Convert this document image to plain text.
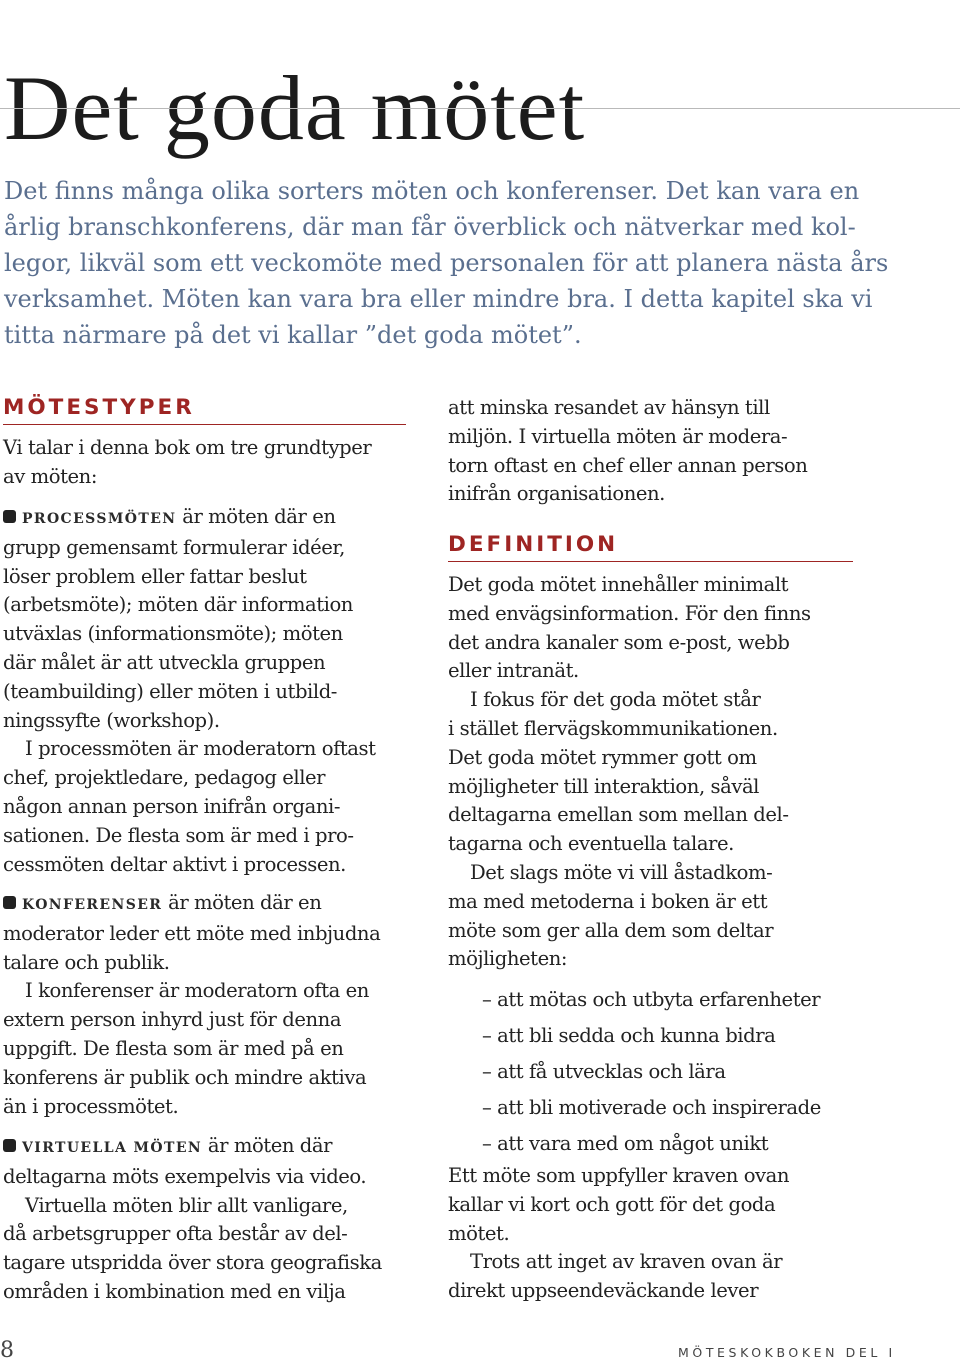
Det goda mötet

Det finns många olika sorters möten och konferenser. Det kan vara en
årlig branschkonferens, där man får överblick och nätverkar med kol-
legor, likväl som ett veckomöte med personalen för att planera nästa års
verksamhet. Möten kan vara bra eller mindre bra. I detta kapitel ska vi
titta närmare på det vi kallar ”det goda mötet”.

MÖTESTYPER
Vi talar i denna bok om tre grundtyper
av möten:
PROCESSMÖTEN är möten där en
grupp gemensamt formulerar idéer,
löser problem eller fattar beslut
(arbetsmöte); möten där information
utväxlas (informationsmöte); möten
där målet är att utveckla gruppen
(teambuilding) eller möten i utbild-
ningssyfte (workshop).
I processmöten är moderatorn oftast
chef, projektledare, pedagog eller
någon annan person inifrån organi-
sationen. De flesta som är med i pro-
cessmöten deltar aktivt i processen.
KONFERENSER är möten där en
moderator leder ett möte med inbjudna
talare och publik.
I konferenser är moderatorn ofta en
extern person inhyrd just för denna
uppgift. De flesta som är med på en
konferens är publik och mindre aktiva
än i processmötet.
VIRTUELLA MÖTEN är möten där
deltagarna möts exempelvis via video.
Virtuella möten blir allt vanligare,
då arbetsgrupper ofta består av del-
tagare utspridda över stora geografiska
områden i kombination med en vilja
att minska resandet av hänsyn till
miljön. I virtuella möten är modera-
torn oftast en chef eller annan person
inifrån organisationen.
DEFINITION
Det goda mötet innehåller minimalt
med envägsinformation. För den finns
det andra kanaler som e-post, webb
eller intranät.
I fokus för det goda mötet står
i stället flervägskommunikationen.
Det goda mötet rymmer gott om
möjligheter till interaktion, såväl
deltagarna emellan som mellan del-
tagarna och eventuella talare.
Det slags möte vi vill åstadkom-
ma med metoderna i boken är ett
möte som ger alla dem som deltar
möjligheten:
– att mötas och utbyta erfarenheter
– att bli sedda och kunna bidra
– att få utvecklas och lära
– att bli motiverade och inspirerade
– att vara med om något unikt
Ett möte som uppfyller kraven ovan
kallar vi kort och gott för det goda
mötet.
Trots att inget av kraven ovan är
direkt uppseendeväckande lever
8	MÖTESKOKBOKEN DEL I
